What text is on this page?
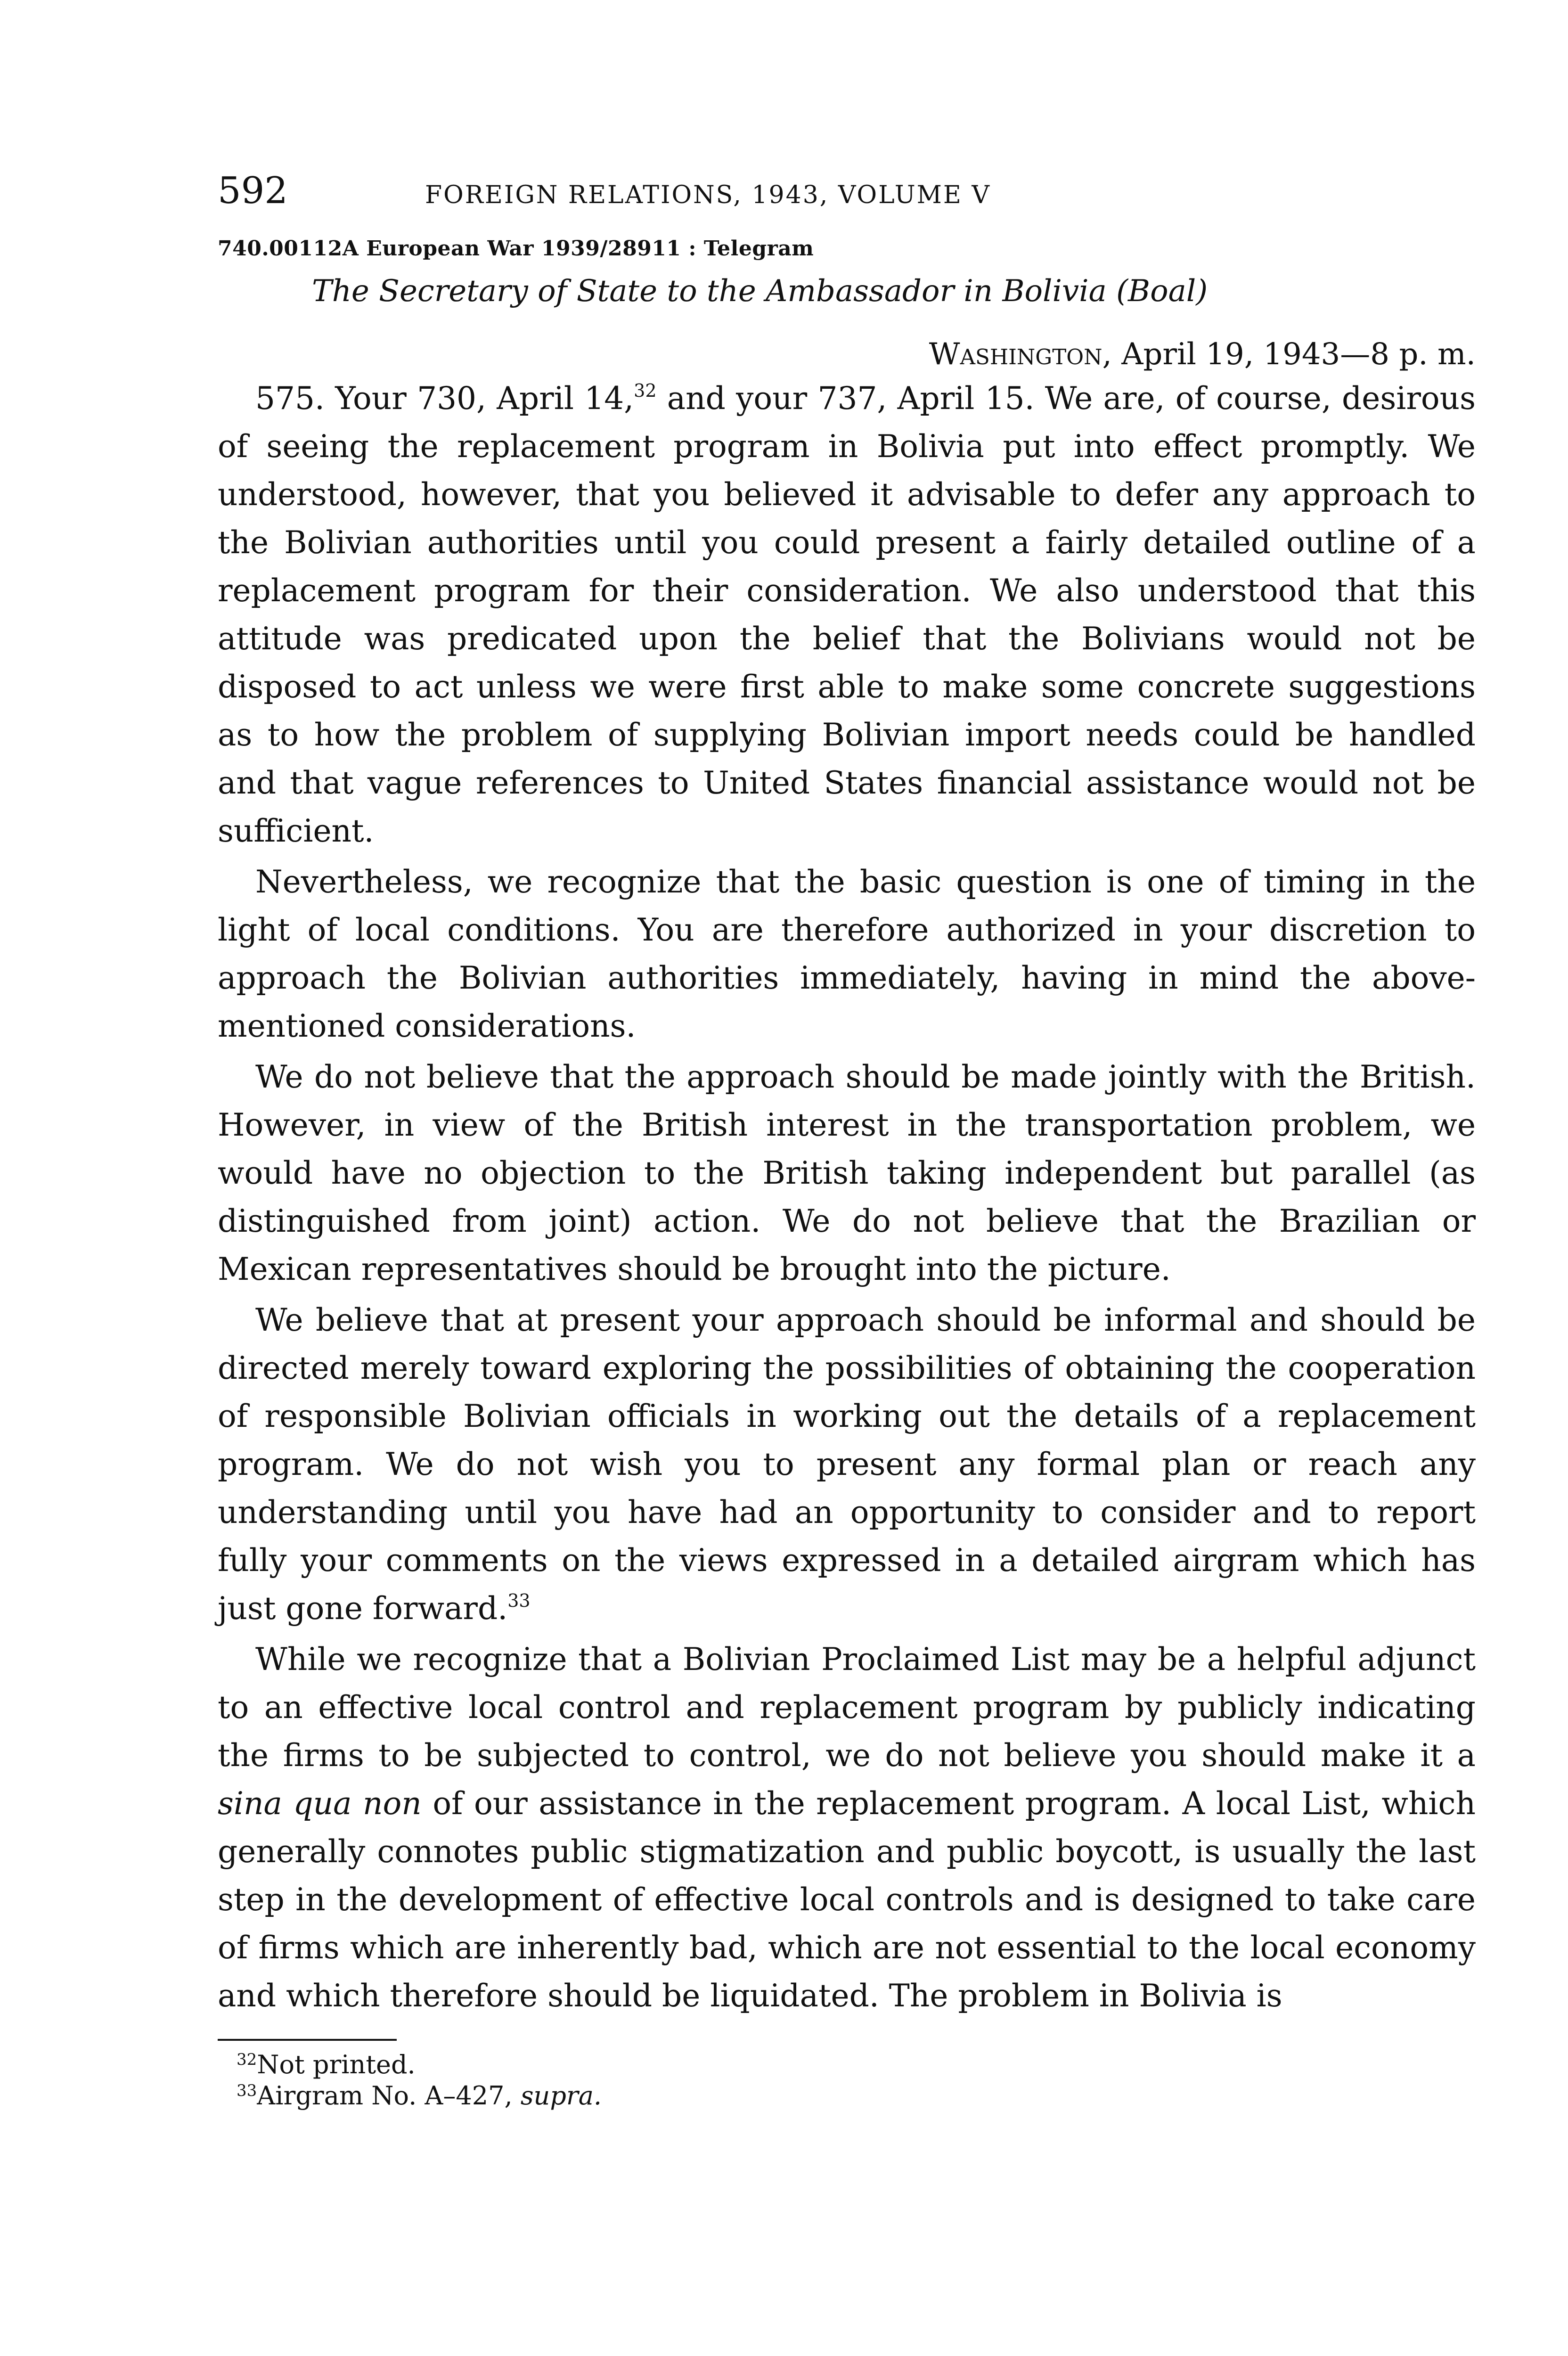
592	FOREIGN RELATIONS, 1943, VOLUME V
740.00112A European War 1939/28911 : Telegram
The Secretary of State to the Ambassador in Bolivia (Boal)
Washington, April 19, 1943—8 p. m.

575. Your 730, April 14,32 and your 737, April 15. We are, of course, desirous of seeing the replacement program in Bolivia put into effect promptly. We understood, however, that you believed it advisable to defer any approach to the Bolivian authorities until you could present a fairly detailed outline of a replacement program for their consideration. We also understood that this attitude was predicated upon the belief that the Bolivians would not be disposed to act unless we were first able to make some concrete suggestions as to how the problem of supplying Bolivian import needs could be handled and that vague references to United States financial assistance would not be sufficient.

Nevertheless, we recognize that the basic question is one of timing in the light of local conditions. You are therefore authorized in your discretion to approach the Bolivian authorities immediately, having in mind the above-mentioned considerations.

We do not believe that the approach should be made jointly with the British. However, in view of the British interest in the transportation problem, we would have no objection to the British taking independent but parallel (as distinguished from joint) action. We do not believe that the Brazilian or Mexican representatives should be brought into the picture.

We believe that at present your approach should be informal and should be directed merely toward exploring the possibilities of obtaining the cooperation of responsible Bolivian officials in working out the details of a replacement program. We do not wish you to present any formal plan or reach any understanding until you have had an opportunity to consider and to report fully your comments on the views expressed in a detailed airgram which has just gone forward.$^{33}$

While we recognize that a Bolivian Proclaimed List may be a helpful adjunct to an effective local control and replacement program by publicly indicating the firms to be subjected to control, we do not believe you should make it a sina qua non of our assistance in the replacement program. A local List, which generally connotes public stigmatization and public boycott, is usually the last step in the development of effective local controls and is designed to take care of firms which are inherently bad, which are not essential to the local economy and which therefore should be liquidated. The problem in Bolivia is

$^{32}$Not printed.
$^{33}$Airgram No. A–427, supra.
